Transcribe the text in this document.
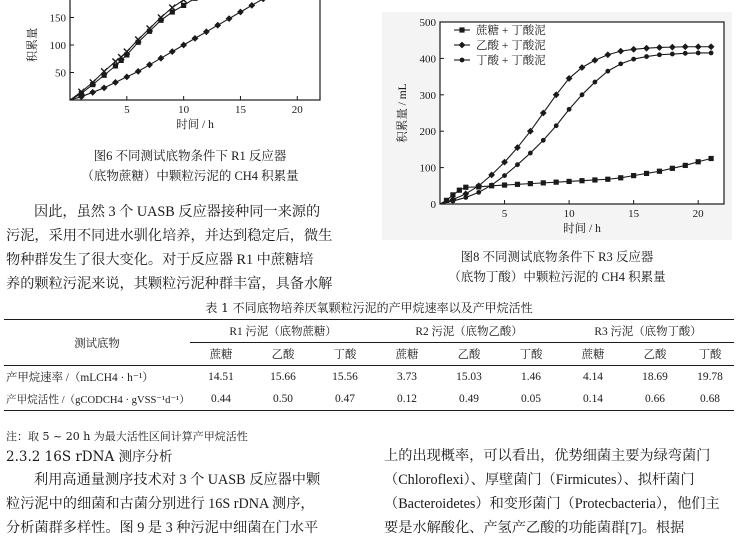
5	10	15	20
50
100
150
时间 / h
积累量
图6 不同测试底物条件下 R1 反应器
（底物蔗糖）中颗粒污泥的 CH4 积累量
因此，虽然 3 个 UASB 反应器接种同一来源的
污泥，采用不同进水驯化培养，并达到稳定后，微生
物种群发生了很大变化。对于反应器 R1 中蔗糖培
养的颗粒污泥来说，其颗粒污泥种群丰富，具备水解
5	10	15	20
0
100
200
300
400
500
时间 / h
积累量 / mL
蔗糖 + 丁酸泥
乙酸 + 丁酸泥
丁酸 + 丁酸泥
图8 不同测试底物条件下 R3 反应器
（底物丁酸）中颗粒污泥的 CH4 积累量
表 1 不同底物培养厌氧颗粒污泥的产甲烷速率以及产甲烷活性
测试底物	R1 污泥（底物蔗糖）			R2 污泥（底物乙酸）			R3 污泥（底物丁酸）		
	蔗糖	乙酸	丁酸	蔗糖	乙酸	丁酸	蔗糖	乙酸	丁酸
产甲烷速率 /（mLCH4 · h⁻¹）	14.51	15.66	15.56	3.73	15.03	1.46	4.14	18.69	19.78
产甲烷活性 /（gCODCH4 · gVSS⁻¹d⁻¹）	0.44	0.50	0.47	0.12	0.49	0.05	0.14	0.66	0.68
注：取 5 ~ 20 h 为最大活性区间计算产甲烷活性
2.3.2 16S rDNA 测序分析
利用高通量测序技术对 3 个 UASB 反应器中颗
粒污泥中的细菌和古菌分别进行 16S rDNA 测序，
分析菌群多样性。图 9 是 3 种污泥中细菌在门水平
上的出现概率，可以看出，优势细菌主要为绿弯菌门
（Chloroflexi）、厚壁菌门（Firmicutes）、拟杆菌门
（Bacteroidetes）和变形菌门（Protecbacteria），他们主
要是水解酸化、产氢产乙酸的功能菌群[7]。根据
